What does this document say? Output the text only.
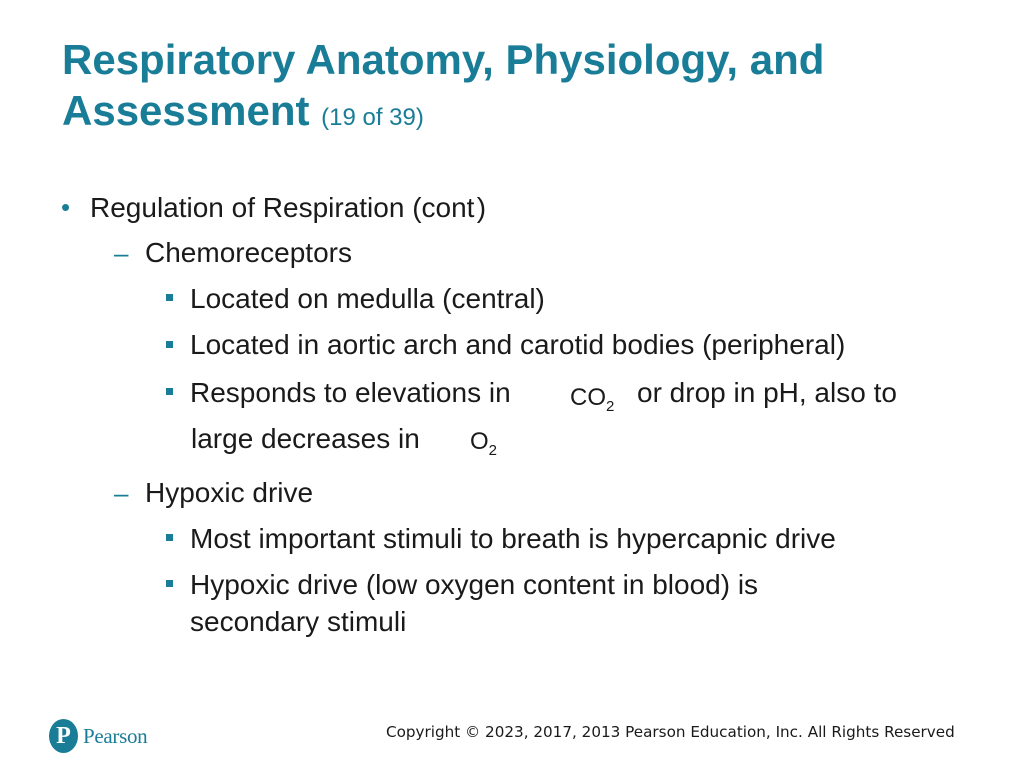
Respiratory Anatomy, Physiology, and Assessment (19 of 39)
• Regulation of Respiration (cont )
– Chemoreceptors
Located on medulla (central)
Located in aortic arch and carotid bodies (peripheral)
Responds to elevations in $CO_2$ or drop in pH, also to
large decreases in $O_2$
– Hypoxic drive
Most important stimuli to breath is hypercapnic drive
Hypoxic drive (low oxygen content in blood) is
secondary stimuli
P Pearson	Copyright © 2023, 2017, 2013 Pearson Education, Inc. All Rights Reserved
